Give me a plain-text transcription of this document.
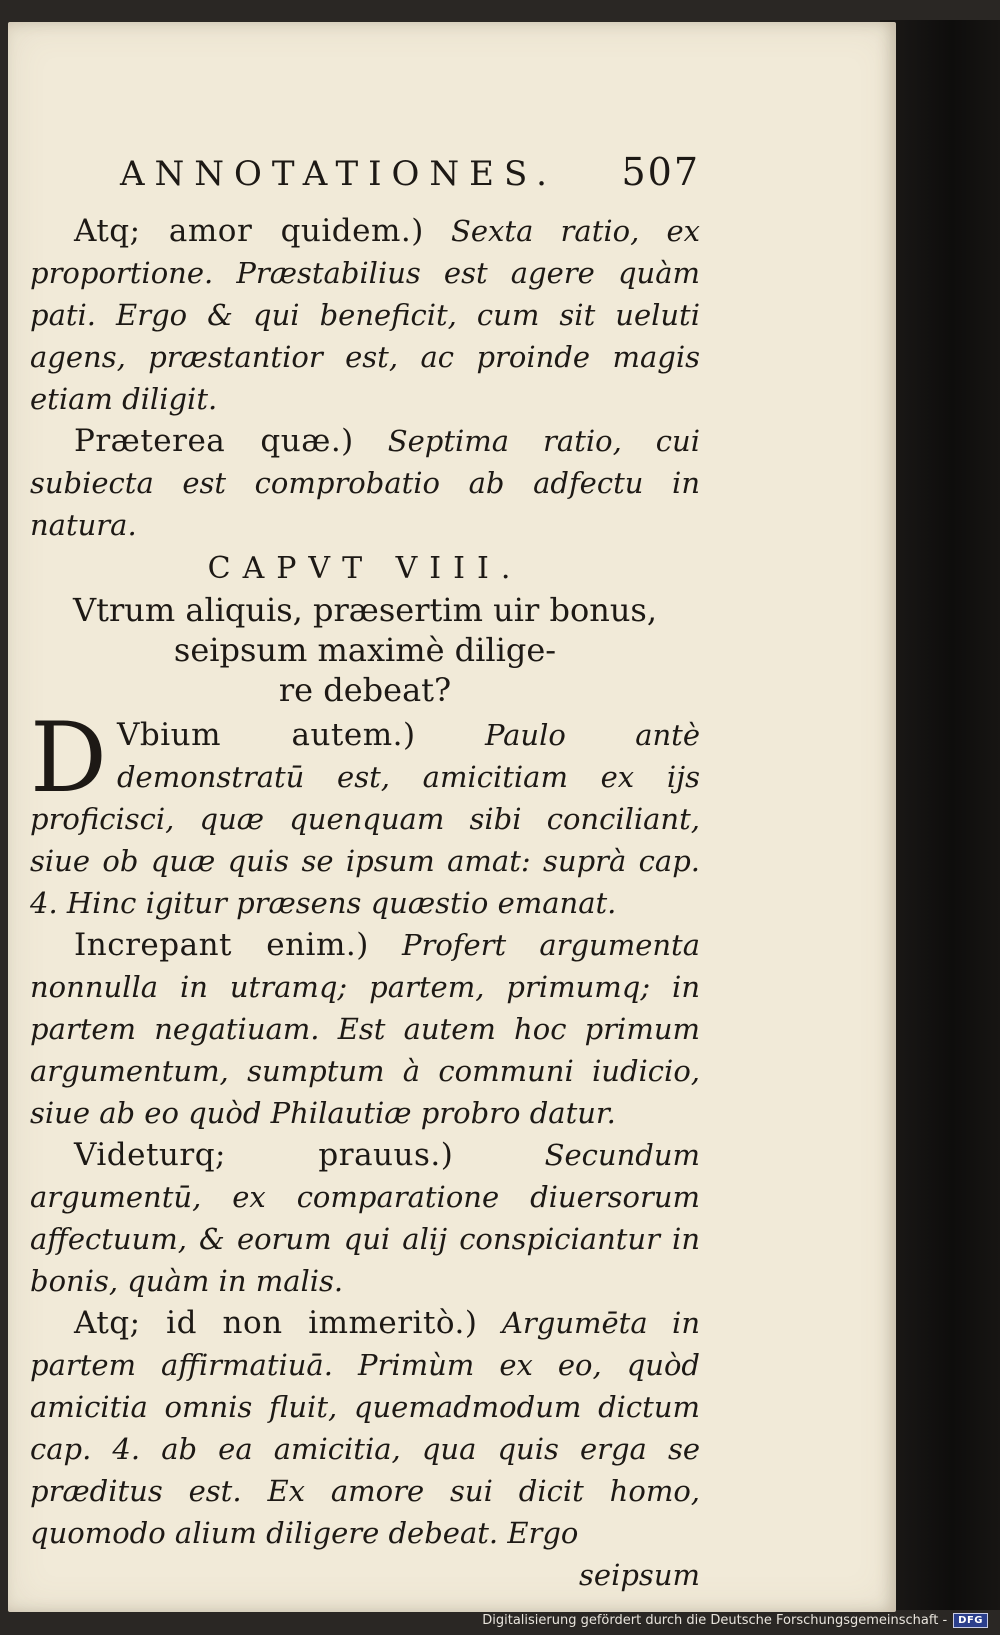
ANNOTATIONES. 507

Atq; amor quidem.) Sexta ratio, ex proportione. Præstabilius est agere quàm pati. Ergo & qui beneficit, cum sit ueluti agens, præstantior est, ac proinde magis etiam diligit.

Præterea quæ.) Septima ratio, cui subiecta est comprobatio ab adfectu in natura.

CAPVT VIII.
Vtrum aliquis, præsertim uir bonus,
seipsum maximè dilige-
re debeat?

D Vbium autem.) Paulo antè demonstratū est, amicitiam ex ijs proficisci, quæ quenquam sibi conciliant, siue ob quæ quis se ipsum amat: suprà cap. 4. Hinc igitur præsens quæstio emanat.

Increpant enim.) Profert argumenta nonnulla in utramq; partem, primumq; in partem negatiuam. Est autem hoc primum argumentum, sumptum à communi iudicio, siue ab eo quòd Philautiæ probro datur.

Videturq; prauus.)	Secundum argumentū, ex comparatione diuersorum affectuum, & eorum qui alij conspiciantur in bonis, quàm in malis.

Atq; id non immeritò.) Argumēta in partem affirmatiuā. Primùm ex eo, quòd amicitia omnis fluit, quemadmodum dictum cap. 4. ab ea amicitia, qua quis erga se præditus est. Ex amore sui dicit homo, quomodo alium diligere debeat. Ergo

seipsum

Digitalisierung gefördert durch die Deutsche Forschungsgemeinschaft -	DFG
